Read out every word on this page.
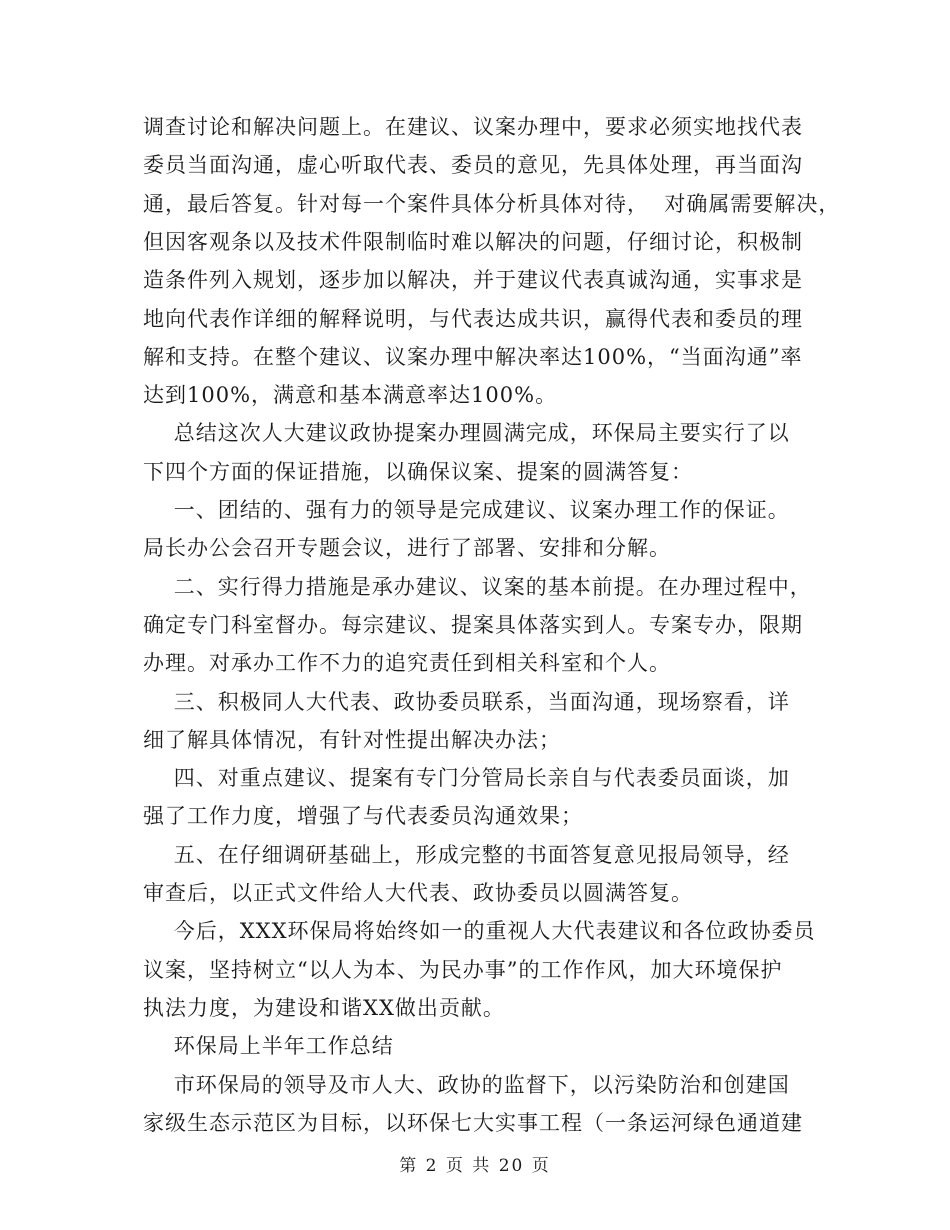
调查讨论和解决问题上。在建议、议案办理中，要求必须实地找代表
委员当面沟通，虚心听取代表、委员的意见，先具体处理，再当面沟
通，最后答复。针对每一个案件具体分析具体对待，  对确属需要解决，
但因客观条以及技术件限制临时难以解决的问题，仔细讨论，积极制
造条件列入规划，逐步加以解决，并于建议代表真诚沟通，实事求是
地向代表作详细的解释说明，与代表达成共识，赢得代表和委员的理
解和支持。在整个建议、议案办理中解决率达100%，“当面沟通”率
达到100%，满意和基本满意率达100%。
总结这次人大建议政协提案办理圆满完成，环保局主要实行了以
下四个方面的保证措施，以确保议案、提案的圆满答复：
一、团结的、强有力的领导是完成建议、议案办理工作的保证。
局长办公会召开专题会议，进行了部署、安排和分解。
二、实行得力措施是承办建议、议案的基本前提。在办理过程中，
确定专门科室督办。每宗建议、提案具体落实到人。专案专办，限期
办理。对承办工作不力的追究责任到相关科室和个人。
三、积极同人大代表、政协委员联系，当面沟通，现场察看，详
细了解具体情况，有针对性提出解决办法；
四、对重点建议、提案有专门分管局长亲自与代表委员面谈，加
强了工作力度，增强了与代表委员沟通效果；
五、在仔细调研基础上，形成完整的书面答复意见报局领导，经
审查后，以正式文件给人大代表、政协委员以圆满答复。
今后，XXX环保局将始终如一的重视人大代表建议和各位政协委员
议案，坚持树立“以人为本、为民办事”的工作作风，加大环境保护
执法力度，为建设和谐XX做出贡献。
环保局上半年工作总结
市环保局的领导及市人大、政协的监督下，以污染防治和创建国
家级生态示范区为目标，以环保七大实事工程（一条运河绿色通道建
第 2 页 共 20 页
